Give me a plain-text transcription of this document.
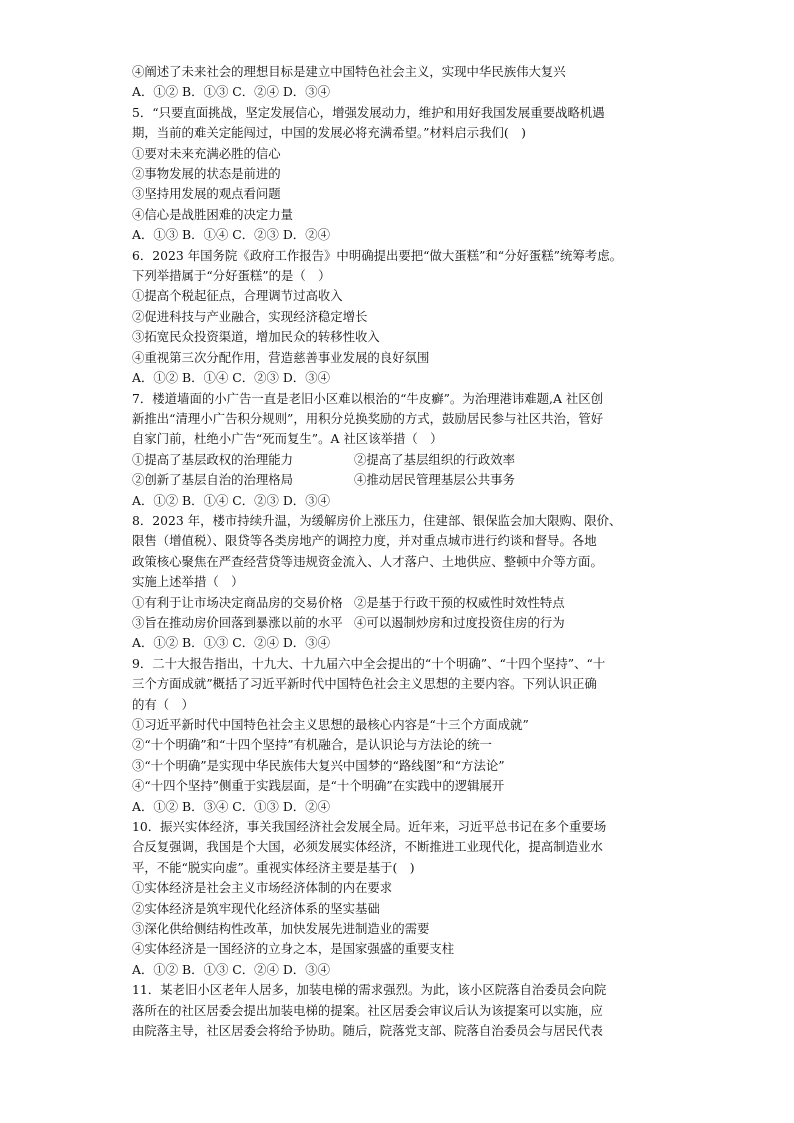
④阐述了未来社会的理想目标是建立中国特色社会主义，实现中华民族伟大复兴
A．①② B．①③ C．②④ D．③④
5．“只要直面挑战，坚定发展信心，增强发展动力，维护和用好我国发展重要战略机遇
期，当前的难关定能闯过，中国的发展必将充满希望。”材料启示我们(　)
①要对未来充满必胜的信心
②事物发展的状态是前进的
③坚持用发展的观点看问题
④信心是战胜困难的决定力量
A．①③ B．①④ C．②③ D．②④
6．2023 年国务院《政府工作报告》中明确提出要把“做大蛋糕”和“分好蛋糕”统筹考虑。
下列举措属于“分好蛋糕”的是（　）
①提高个税起征点，合理调节过高收入
②促进科技与产业融合，实现经济稳定增长
③拓宽民众投资渠道，增加民众的转移性收入
④重视第三次分配作用，营造慈善事业发展的良好氛围
A．①② B．①④ C．②③ D．③④
7．楼道墙面的小广告一直是老旧小区难以根治的“牛皮癣”。为治理港讳难题,A 社区创
新推出“清理小广告积分规则”，用积分兑换奖励的方式，鼓励居民参与社区共治，管好
自家门前，杜绝小广告“死而复生”。A 社区该举措（　）
①提高了基层政权的治理能力	②提高了基层组织的行政效率
②创新了基层自治的治理格局	④推动居民管理基层公共事务
A．①② B．①④ C．②③ D．③④
8．2023 年，楼市持续升温，为缓解房价上涨压力，住建部、银保监会加大限购、限价、
限售（增值税）、限贷等各类房地产的调控力度，并对重点城市进行约谈和督导。各地
政策核心聚焦在严查经营贷等违规资金流入、人才落户、土地供应、整顿中介等方面。
实施上述举措（　）
①有利于让市场决定商品房的交易价格 ②是基于行政干预的权威性时效性特点
③旨在推动房价回落到暴涨以前的水平 ④可以遏制炒房和过度投资住房的行为
A．①② B．①③ C．②④ D．③④
9．二十大报告指出，十九大、十九届六中全会提出的“十个明确”、“十四个坚持”、“十
三个方面成就”概括了习近平新时代中国特色社会主义思想的主要内容。下列认识正确
的有（　）
①习近平新时代中国特色社会主义思想的最核心内容是“十三个方面成就”
②“十个明确”和“十四个坚持”有机融合，是认识论与方法论的统一
③“十个明确”是实现中华民族伟大复兴中国梦的“路线图”和“方法论”
④“十四个坚持”侧重于实践层面，是“十个明确”在实践中的逻辑展开
A．①② B．③④ C．①③ D．②④
10．振兴实体经济，事关我国经济社会发展全局。近年来，习近平总书记在多个重要场
合反复强调，我国是个大国，必须发展实体经济，不断推进工业现代化，提高制造业水
平，不能“脱实向虚”。重视实体经济主要是基于(　)
①实体经济是社会主义市场经济体制的内在要求
②实体经济是筑牢现代化经济体系的坚实基础
③深化供给侧结构性改革，加快发展先进制造业的需要
④实体经济是一国经济的立身之本，是国家强盛的重要支柱
A．①② B．①③ C．②④ D．③④
11．某老旧小区老年人居多，加装电梯的需求强烈。为此，该小区院落自治委员会向院
落所在的社区居委会提出加装电梯的提案。社区居委会审议后认为该提案可以实施，应
由院落主导，社区居委会将给予协助。随后，院落党支部、院落自治委员会与居民代表
